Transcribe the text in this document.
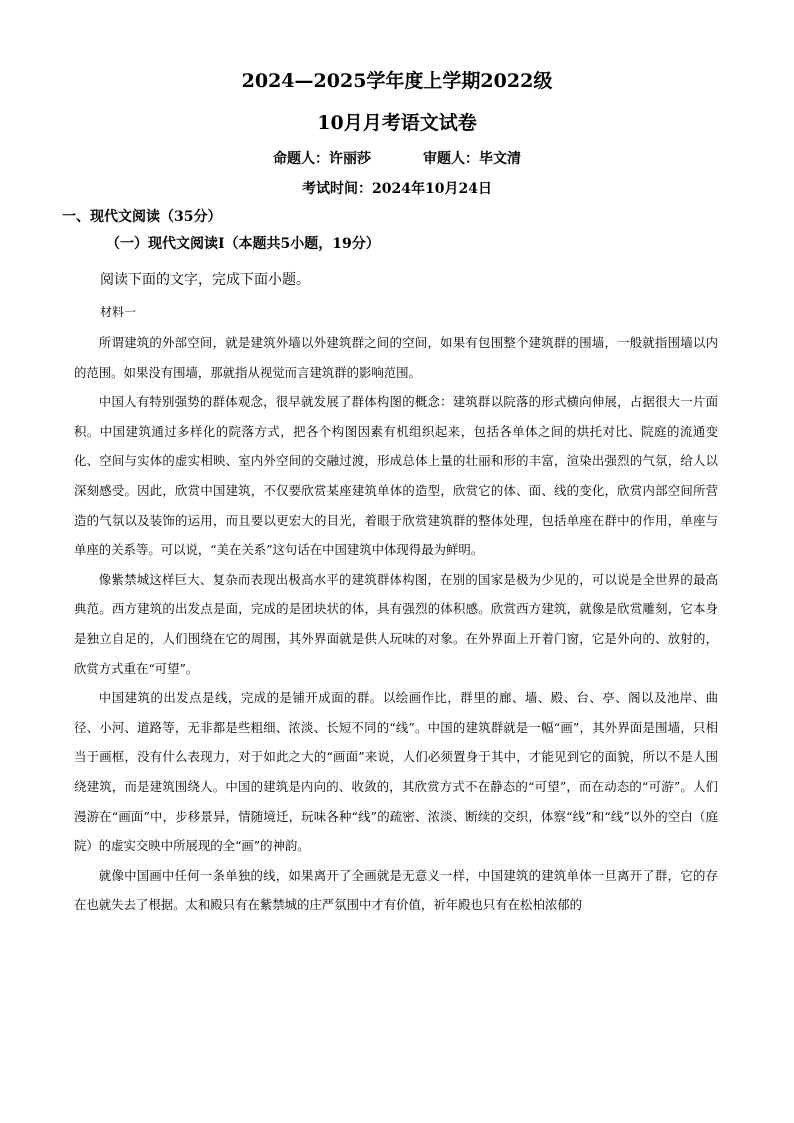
2024—2025学年度上学期2022级
10月月考语文试卷
命题人：许丽莎	审题人：毕文清
考试时间：2024年10月24日
一、现代文阅读（35分）
（一）现代文阅读Ⅰ（本题共5小题，19分）
阅读下面的文字，完成下面小题。
材料一

所谓建筑的外部空间，就是建筑外墙以外建筑群之间的空间，如果有包围整个建筑群的围墙，一般就指围墙以内的范围。如果没有围墙，那就指从视觉而言建筑群的影响范围。

中国人有特别强势的群体观念，很早就发展了群体构图的概念：建筑群以院落的形式横向伸展，占据很大一片面积。中国建筑通过多样化的院落方式，把各个构图因素有机组织起来，包括各单体之间的烘托对比、院庭的流通变化、空间与实体的虚实相映、室内外空间的交融过渡，形成总体上量的壮丽和形的丰富，渲染出强烈的气氛，给人以深刻感受。因此，欣赏中国建筑，不仅要欣赏某座建筑单体的造型，欣赏它的体、面、线的变化，欣赏内部空间所营造的气氛以及装饰的运用，而且要以更宏大的目光，着眼于欣赏建筑群的整体处理，包括单座在群中的作用，单座与单座的关系等。可以说，“美在关系”这句话在中国建筑中体现得最为鲜明。

像紫禁城这样巨大、复杂而表现出极高水平的建筑群体构图，在别的国家是极为少见的，可以说是全世界的最高典范。西方建筑的出发点是面，完成的是团块状的体，具有强烈的体积感。欣赏西方建筑，就像是欣赏雕刻，它本身是独立自足的，人们围绕在它的周围，其外界面就是供人玩味的对象。在外界面上开着门窗，它是外向的、放射的，欣赏方式重在“可望”。

中国建筑的出发点是线，完成的是铺开成面的群。以绘画作比，群里的廊、墙、殿、台、亭、阁以及池岸、曲径、小河、道路等，无非都是些粗细、浓淡、长短不同的“线”。中国的建筑群就是一幅“画”，其外界面是围墙，只相当于画框，没有什么表现力，对于如此之大的“画面”来说，人们必须置身于其中，才能见到它的面貌，所以不是人围绕建筑，而是建筑围绕人。中国的建筑是内向的、收敛的，其欣赏方式不在静态的“可望”，而在动态的“可游”。人们漫游在“画面”中，步移景异，情随境迁，玩味各种“线”的疏密、浓淡、断续的交织，体察“线”和“线”以外的空白（庭院）的虚实交映中所展现的全“画”的神韵。

就像中国画中任何一条单独的线，如果离开了全画就是无意义一样，中国建筑的建筑单体一旦离开了群，它的存在也就失去了根据。太和殿只有在紫禁城的庄严氛围中才有价值，祈年殿也只有在松柏浓郁的
